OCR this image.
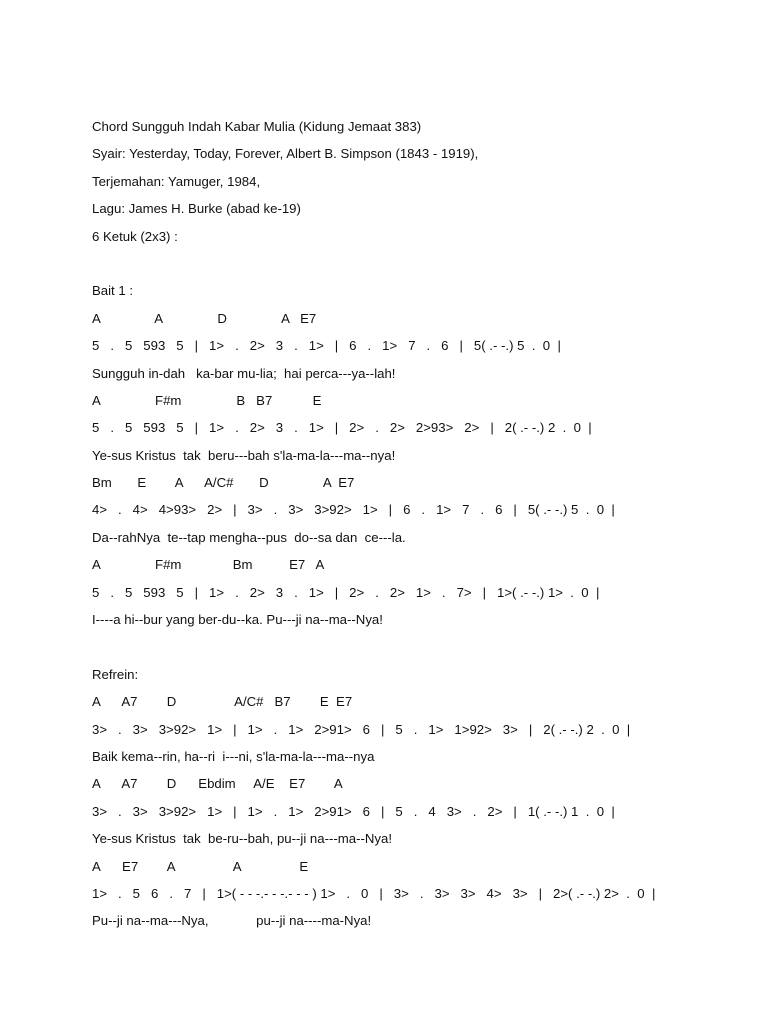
Chord Sungguh Indah Kabar Mulia (Kidung Jemaat 383)
Syair: Yesterday, Today, Forever, Albert B. Simpson (1843 - 1919),
Terjemahan: Yamuger, 1984,
Lagu: James H. Burke (abad ke-19)
6 Ketuk (2x3) :
Bait 1 :
A               A               D               A   E7
5   .   5   593   5   |   1>   .   2>   3   .   1>   |   6   .   1>   7   .   6   |   5( .- -.) 5  .  0  |
Sungguh in-dah   ka-bar mu-lia;  hai perca---ya--lah!
A               F#m               B   B7           E
5   .   5   593   5   |   1>   .   2>   3   .   1>   |   2>   .   2>   2>93>   2>   |   2( .- -.) 2  .  0  |
Ye-sus Kristus  tak  beru---bah s'la-ma-la---ma--nya!
Bm       E        A      A/C#       D               A  E7
4>   .   4>   4>93>   2>   |   3>   .   3>   3>92>   1>   |   6   .   1>   7   .   6   |   5( .- -.) 5  .  0  |
Da--rahNya  te--tap mengha--pus  do--sa dan  ce---la.
A               F#m              Bm          E7   A
5   .   5   593   5   |   1>   .   2>   3   .   1>   |   2>   .   2>   1>   .   7>   |   1>( .- -.) 1>  .  0  |
I----a hi--bur yang ber-du--ka. Pu---ji na--ma--Nya!
Refrein:
A      A7        D                A/C#   B7        E  E7
3>   .   3>   3>92>   1>   |   1>   .   1>   2>91>   6   |   5   .   1>   1>92>   3>   |   2( .- -.) 2  .  0  |
Baik kema--rin, ha--ri  i---ni, s'la-ma-la---ma--nya
A      A7        D      Ebdim     A/E    E7        A
3>   .   3>   3>92>   1>   |   1>   .   1>   2>91>   6   |   5   .   4   3>   .   2>   |   1( .- -.) 1  .  0  |
Ye-sus Kristus  tak  be-ru--bah, pu--ji na---ma--Nya!
A      E7        A                A                E
1>   .   5   6   .   7   |   1>( - - -.- - -.- - - ) 1>   .   0   |   3>   .   3>   3>   4>   3>   |   2>( .- -.) 2>  .  0  |
Pu--ji na--ma---Nya,             pu--ji na----ma-Nya!
